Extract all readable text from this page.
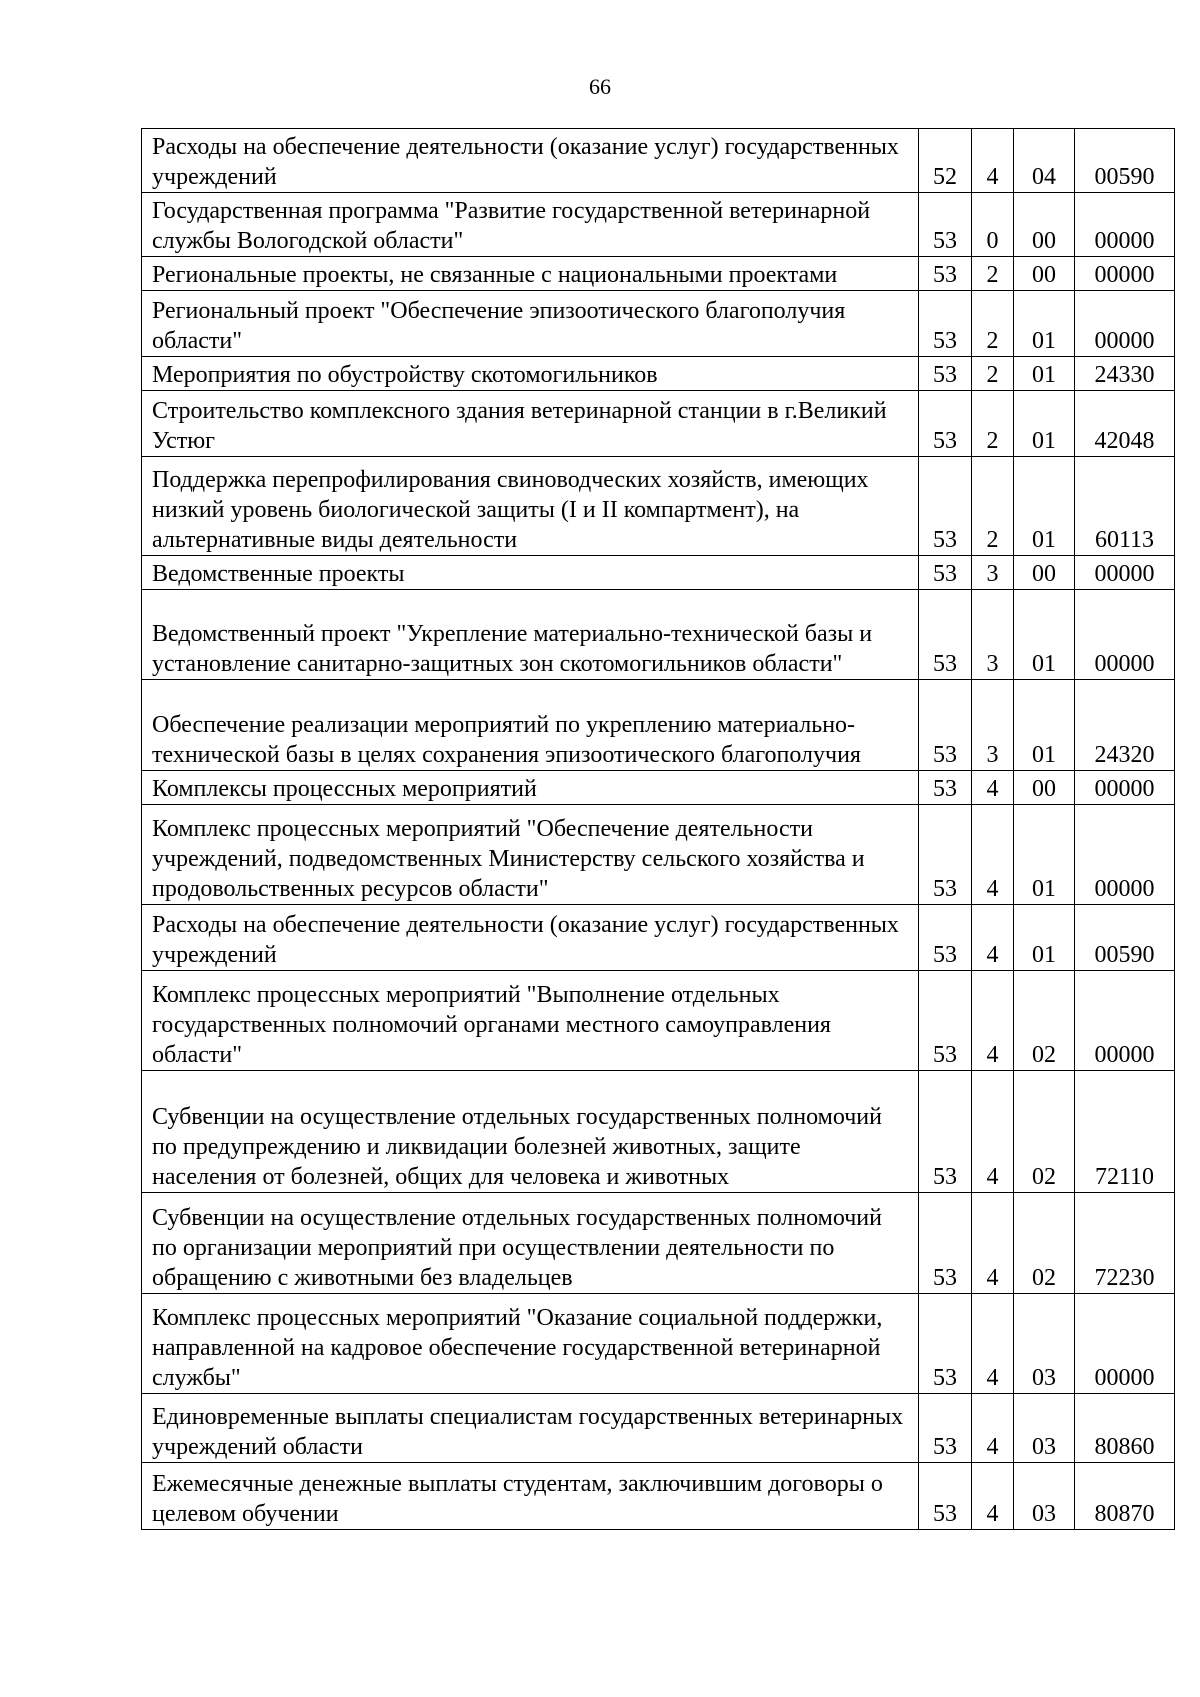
66
Расходы на обеспечение деятельности (оказание услуг) государственных учреждений	52	4	04	00590
Государственная программа "Развитие государственной ветеринарной службы Вологодской области"	53	0	00	00000
Региональные проекты, не связанные с национальными проектами	53	2	00	00000
Региональный проект "Обеспечение эпизоотического благополучия области"	53	2	01	00000
Мероприятия по обустройству скотомогильников	53	2	01	24330
Строительство комплексного здания ветеринарной станции в г.Великий Устюг	53	2	01	42048
Поддержка перепрофилирования свиноводческих хозяйств, имеющих низкий уровень биологической защиты (I и II компартмент), на альтернативные виды деятельности	53	2	01	60113
Ведомственные проекты	53	3	00	00000
Ведомственный проект "Укрепление материально-технической базы и установление санитарно-защитных зон скотомогильников области"	53	3	01	00000
Обеспечение реализации мероприятий по укреплению материально-технической базы в целях сохранения эпизоотического благополучия	53	3	01	24320
Комплексы процессных мероприятий	53	4	00	00000
Комплекс процессных мероприятий "Обеспечение деятельности учреждений, подведомственных Министерству сельского хозяйства и продовольственных ресурсов области"	53	4	01	00000
Расходы на обеспечение деятельности (оказание услуг) государственных учреждений	53	4	01	00590
Комплекс процессных мероприятий "Выполнение отдельных государственных полномочий органами местного самоуправления области"	53	4	02	00000
Субвенции на осуществление отдельных государственных полномочий по предупреждению и ликвидации болезней животных, защите населения от болезней, общих для человека и животных	53	4	02	72110
Субвенции на осуществление отдельных государственных полномочий по организации мероприятий при осуществлении деятельности по обращению с животными без владельцев	53	4	02	72230
Комплекс процессных мероприятий "Оказание социальной поддержки, направленной на кадровое обеспечение государственной ветеринарной службы"	53	4	03	00000
Единовременные выплаты специалистам государственных ветеринарных учреждений области	53	4	03	80860
Ежемесячные денежные выплаты студентам, заключившим договоры о целевом обучении	53	4	03	80870
